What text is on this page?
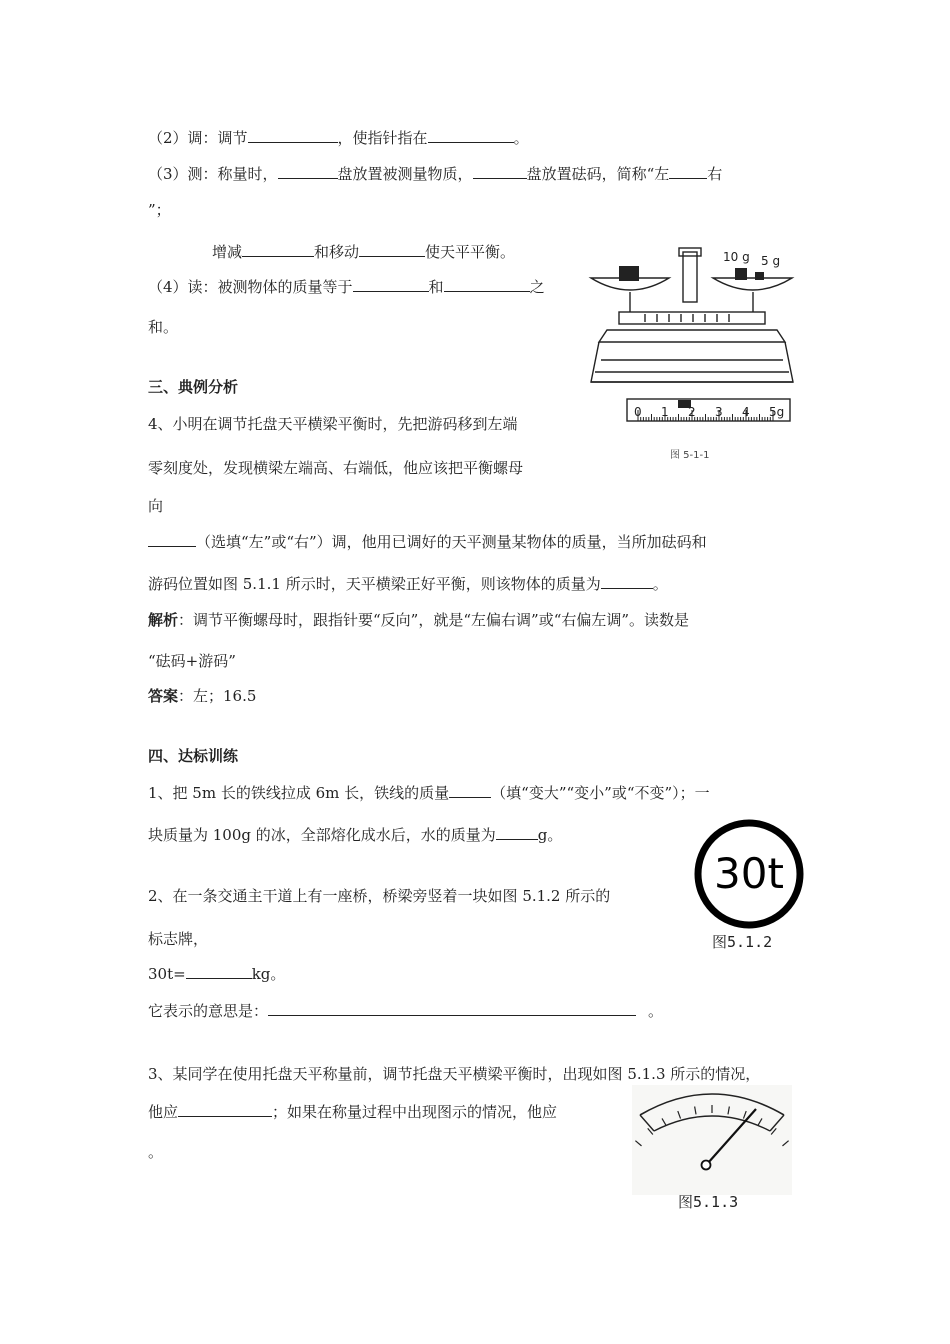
（2）调：调节	，使指针指在	。
（3）测：称量时，	盘放置被测量物质，	盘放置砝码，简称“左	右
”；
增减	和移动	使天平平衡。
（4）读：被测物体的质量等于	和	之
和。
10 g 5 g
0 1 2 3 4 5g
图 5-1-1
三、典例分析
4、小明在调节托盘天平横梁平衡时，先把游码移到左端
零刻度处，发现横梁左端高、右端低，他应该把平衡螺母
向
（选填“左”或“右”）调，他用已调好的天平测量某物体的质量，当所加砝码和
游码位置如图 5.1.1 所示时，天平横梁正好平衡，则该物体的质量为	。
解析：调节平衡螺母时，跟指针要“反向”，就是“左偏右调”或“右偏左调”。读数是
“砝码+游码”
答案：左；16.5
四、达标训练
1、把 5m 长的铁线拉成 6m 长，铁线的质量	（填“变大”“变小”或“不变”）；一
块质量为 100g 的冰，全部熔化成水后，水的质量为	g。
2、在一条交通主干道上有一座桥，桥梁旁竖着一块如图 5.1.2 所示的
标志牌，
30t=	kg。
它表示的意思是：	。
30t
图5.1.2
3、某同学在使用托盘天平称量前，调节托盘天平横梁平衡时，出现如图 5.1.3 所示的情况，
他应	；如果在称量过程中出现图示的情况，他应
。
图5.1.3
